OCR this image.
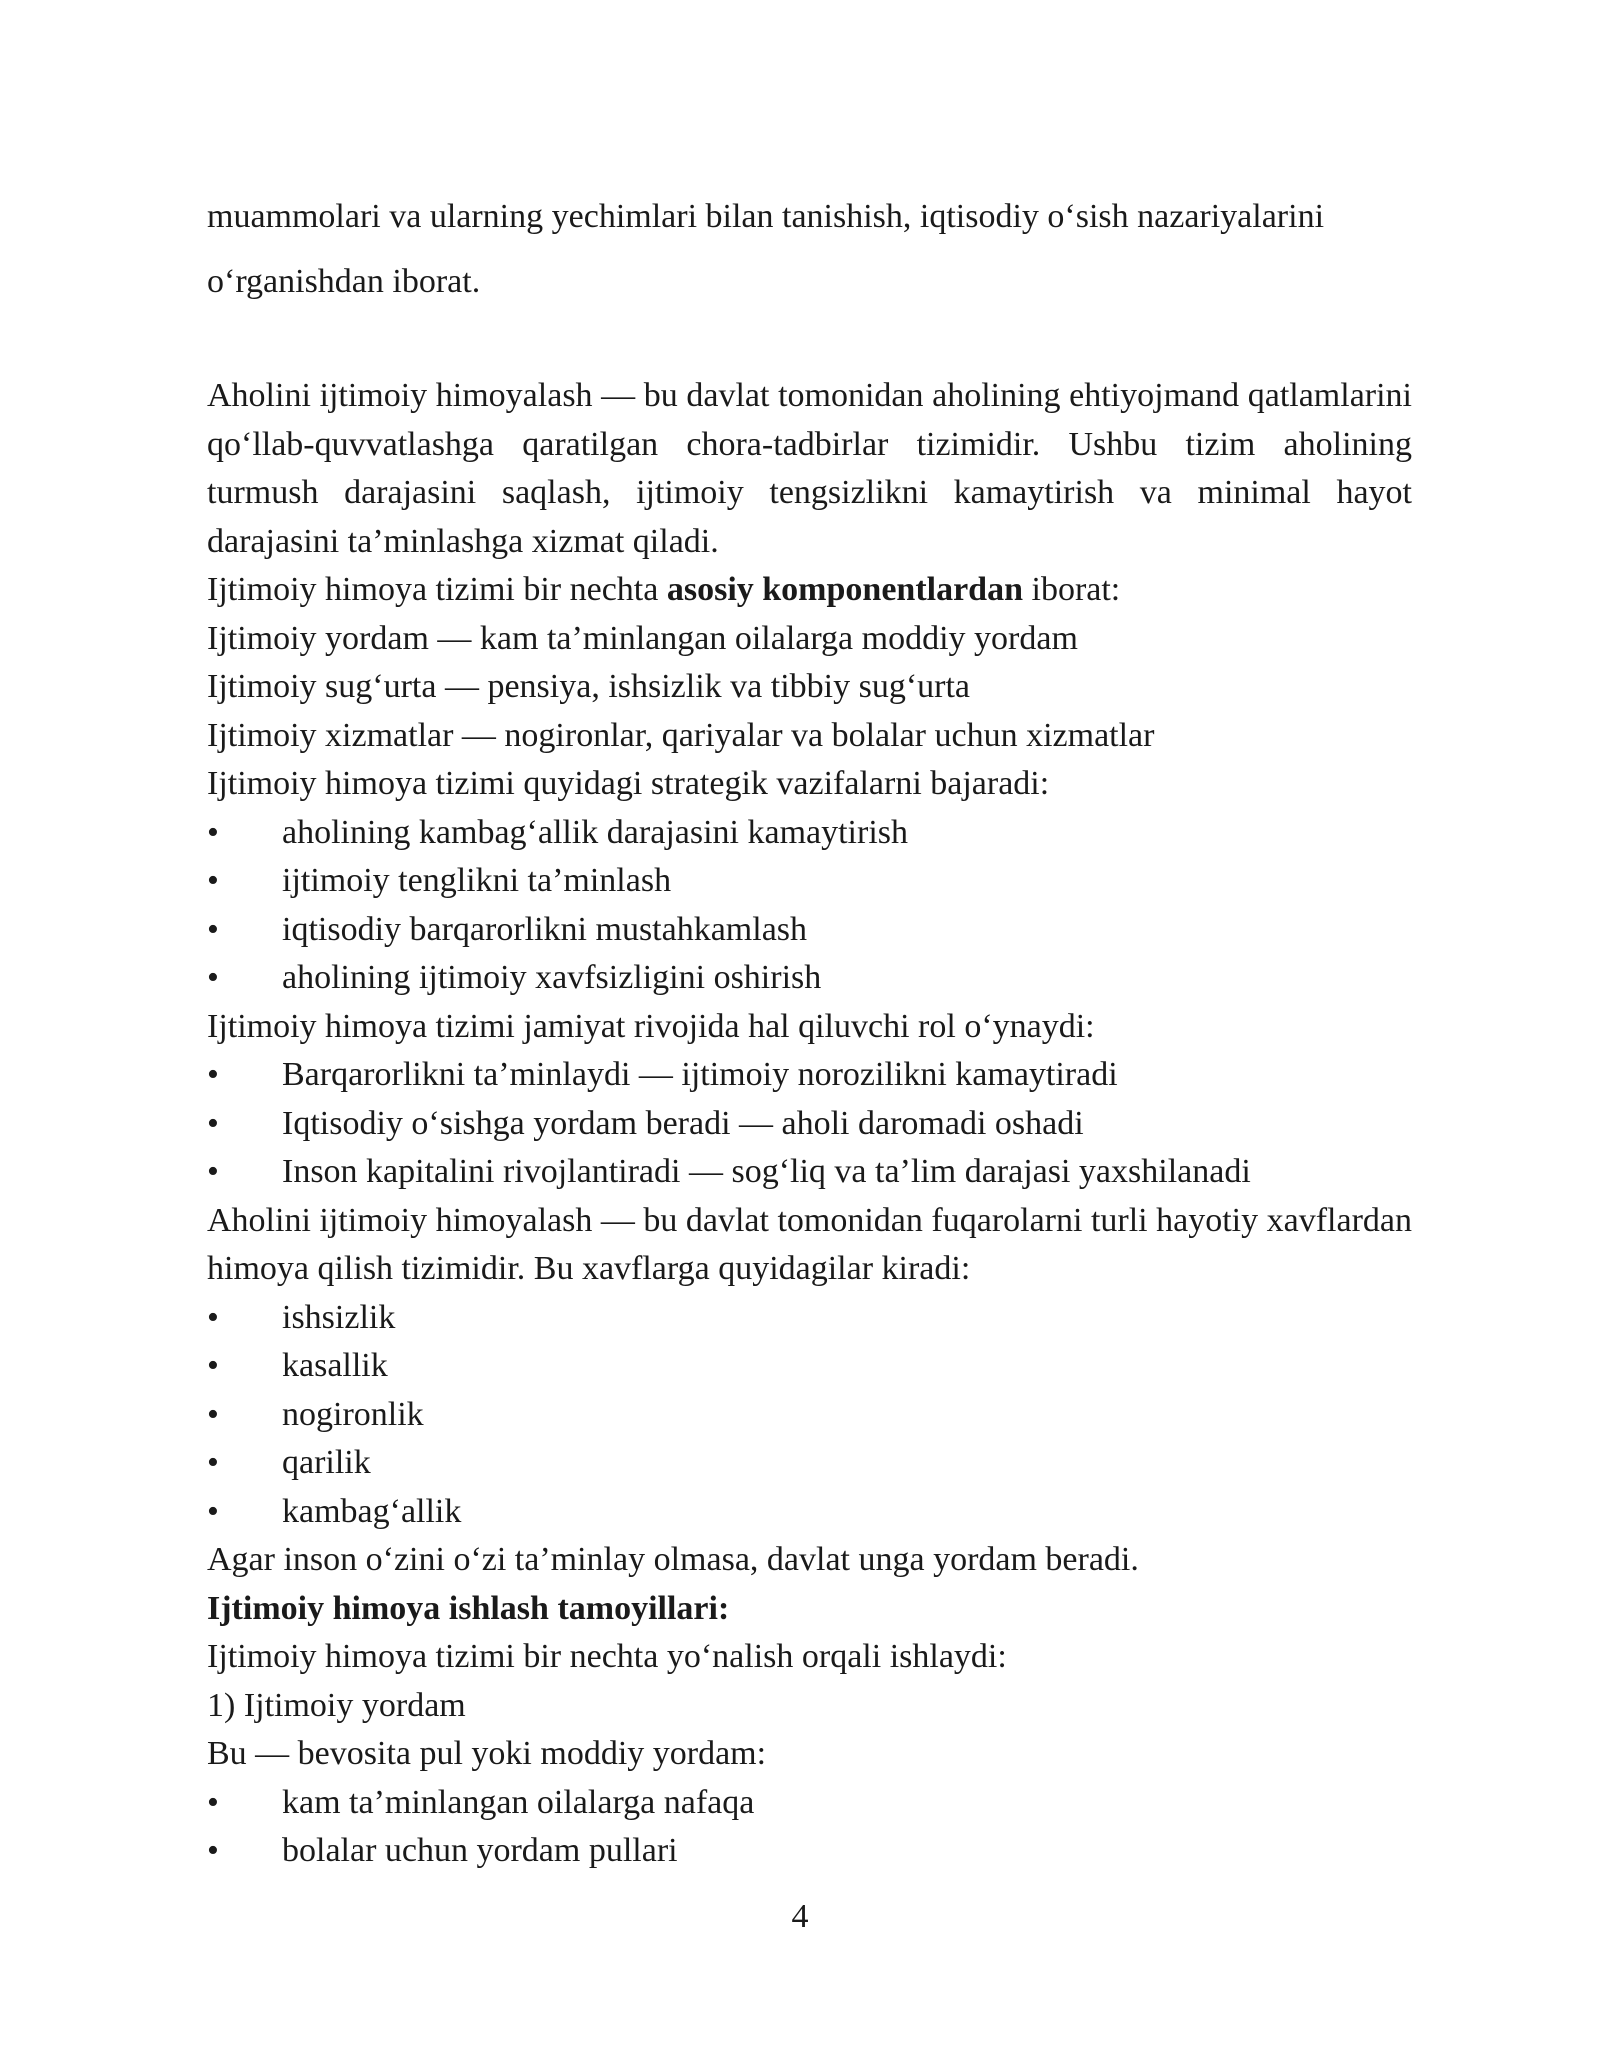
muammolari va ularning yechimlari bilan tanishish, iqtisodiy o‘sish nazariyalarini

o‘rganishdan iborat.

Aholini ijtimoiy himoyalash — bu davlat tomonidan aholining ehtiyojmand qatlamlarini qo‘llab-quvvatlashga qaratilgan chora-tadbirlar tizimidir. Ushbu tizim aholining turmush darajasini saqlash, ijtimoiy tengsizlikni kamaytirish va minimal hayot darajasini ta’minlashga xizmat qiladi.

Ijtimoiy himoya tizimi bir nechta asosiy komponentlardan iborat:

Ijtimoiy yordam — kam ta’minlangan oilalarga moddiy yordam

Ijtimoiy sug‘urta — pensiya, ishsizlik va tibbiy sug‘urta

Ijtimoiy xizmatlar — nogironlar, qariyalar va bolalar uchun xizmatlar

Ijtimoiy himoya tizimi quyidagi strategik vazifalarni bajaradi:

• aholining kambag‘allik darajasini kamaytirish
• ijtimoiy tenglikni ta’minlash
• iqtisodiy barqarorlikni mustahkamlash
• aholining ijtimoiy xavfsizligini oshirish

Ijtimoiy himoya tizimi jamiyat rivojida hal qiluvchi rol o‘ynaydi:

• Barqarorlikni ta’minlaydi — ijtimoiy norozilikni kamaytiradi
• Iqtisodiy o‘sishga yordam beradi — aholi daromadi oshadi
• Inson kapitalini rivojlantiradi — sog‘liq va ta’lim darajasi yaxshilanadi

Aholini ijtimoiy himoyalash — bu davlat tomonidan fuqarolarni turli hayotiy xavflardan himoya qilish tizimidir. Bu xavflarga quyidagilar kiradi:

• ishsizlik
• kasallik
• nogironlik
• qarilik
• kambag‘allik

Agar inson o‘zini o‘zi ta’minlay olmasa, davlat unga yordam beradi.

Ijtimoiy himoya ishlash tamoyillari:

Ijtimoiy himoya tizimi bir nechta yo‘nalish orqali ishlaydi:

1) Ijtimoiy yordam

Bu — bevosita pul yoki moddiy yordam:

• kam ta’minlangan oilalarga nafaqa
• bolalar uchun yordam pullari
4
